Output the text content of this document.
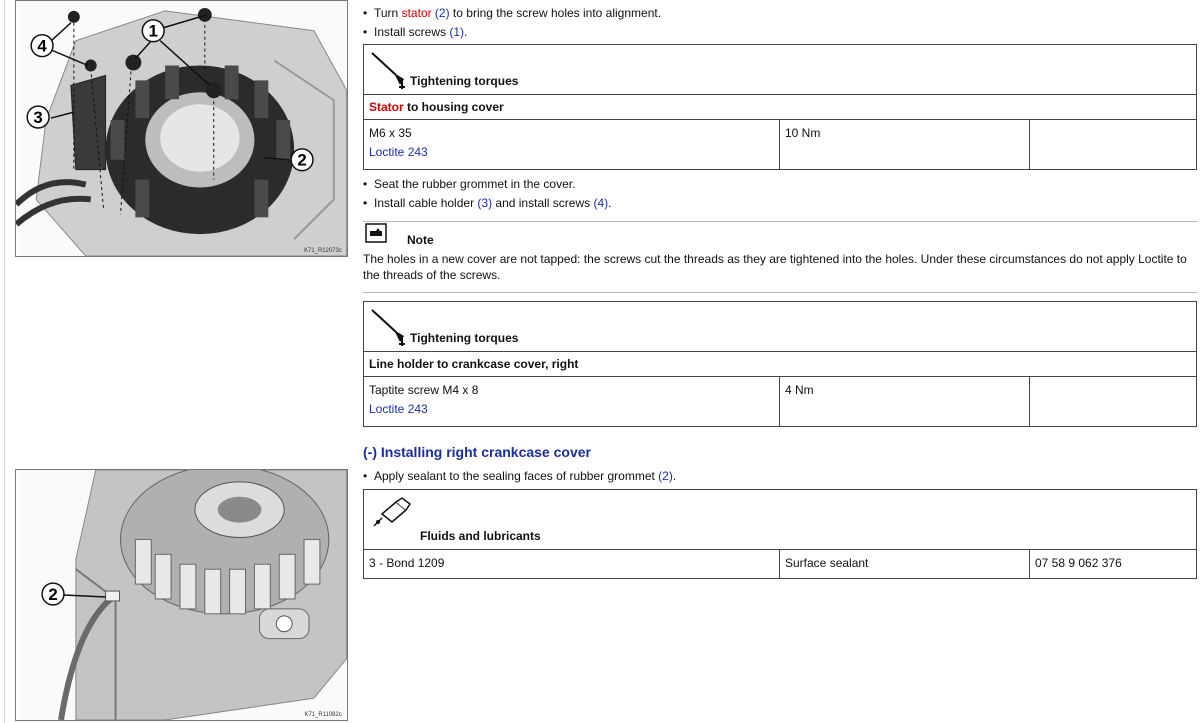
1
2
3
4
K71_R12073c
2
K71_R11082c
• Turn stator (2) to bring the screw holes into alignment.
• Install screws (1).
Tightening torques
Stator to housing cover
M6 x 35
Loctite 243
10 Nm
• Seat the rubber grommet in the cover.
• Install cable holder (3) and install screws (4).
Note
The holes in a new cover are not tapped: the screws cut the threads as they are tightened into the holes. Under these circumstances do not apply Loctite to the threads of the screws.
Tightening torques
Line holder to crankcase cover, right
Taptite screw M4 x 8
Loctite 243
4 Nm
(-) Installing right crankcase cover
• Apply sealant to the sealing faces of rubber grommet (2).
Fluids and lubricants
3 - Bond 1209	Surface sealant	07 58 9 062 376
